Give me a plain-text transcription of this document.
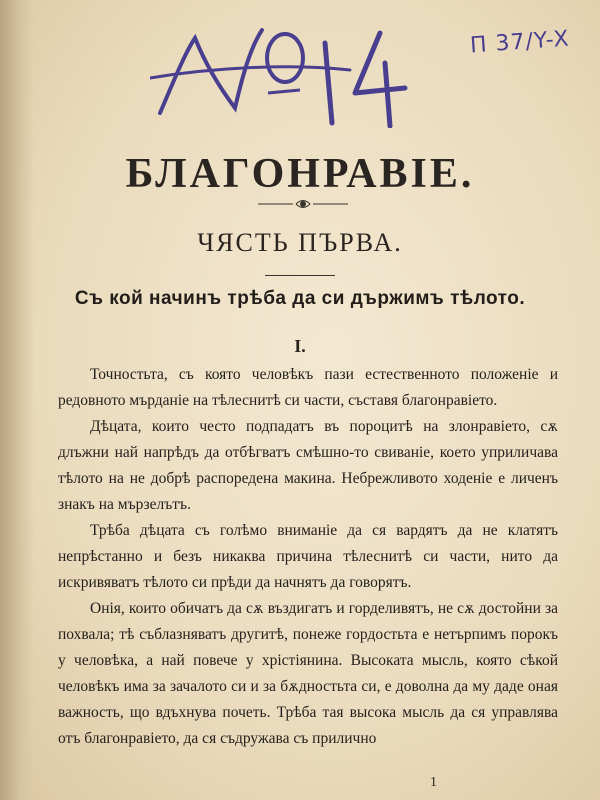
П 37/Y-X
БЛАГОНРАВІЕ.
ЧЯСТЬ ПЪРВА.
Съ кой начинъ трѣба да си държимъ тѣлото.
I.

Точностьта, съ която человѣкъ пази естественното положеніе и редовното мърданіе на тѣлеснитѣ си части, съставя благонравіето.

Дѣцата, които често подпадатъ въ пороцитѣ на злонравіето, сѫ длъжни най напрѣдъ да отбѣгватъ смѣшно-то свиваніе, което уприличава тѣлото на не добрѣ распоредена макина. Небрежливото ходеніе е личенъ знакъ на мързелътъ.

Трѣба дѣцата съ голѣмо вниманіе да ся вардятъ да не клатятъ непрѣстанно и безъ никаква причина тѣлеснитѣ си части, нито да искривяватъ тѣлото си прѣди да начнятъ да говорятъ.

Онія, които обичатъ да сѫ въздигатъ и горделивятъ, не сѫ достойни за похвала; тѣ съблазняватъ другитѣ, понеже гордостьта е нетърпимъ порокъ у человѣка, а най повече у хрістіянина. Высоката мысль, която сѣкой человѣкъ има за зачалото си и за бѫдностьта си, е доволна да му даде оная важность, що вдъхнува почеть. Трѣба тая высока мысль да ся управлява отъ благонравіето, да ся съдружава съ прилично

1
